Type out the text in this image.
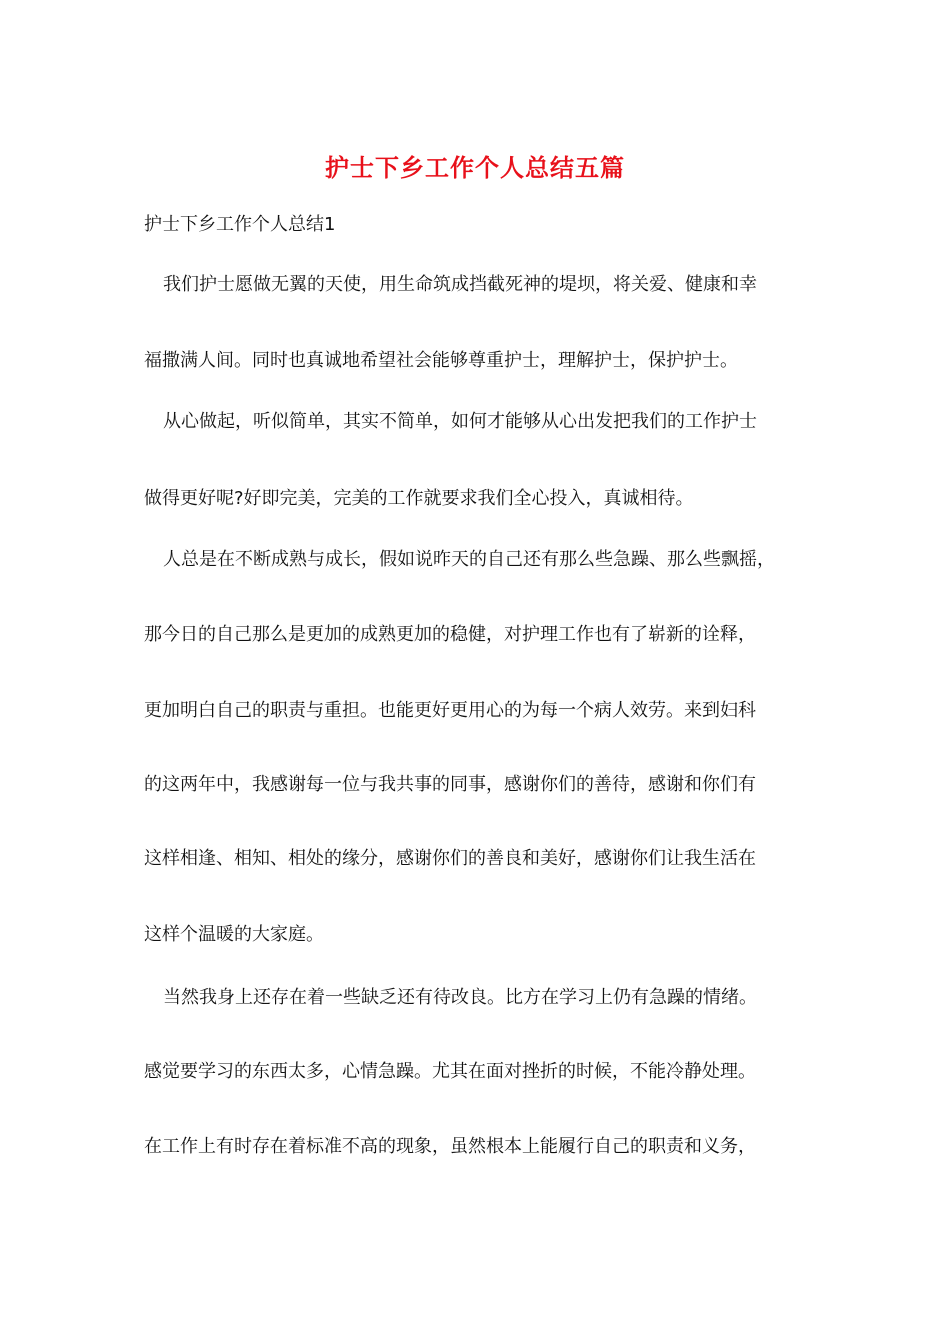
护士下乡工作个人总结五篇
护士下乡工作个人总结1
我们护士愿做无翼的天使，用生命筑成挡截死神的堤坝，将关爱、健康和幸
福撒满人间。同时也真诚地希望社会能够尊重护士，理解护士，保护护士。
从心做起，听似简单，其实不简单，如何才能够从心出发把我们的工作护士
做得更好呢?好即完美，完美的工作就要求我们全心投入，真诚相待。
人总是在不断成熟与成长，假如说昨天的自己还有那么些急躁、那么些飘摇，
那今日的自己那么是更加的成熟更加的稳健，对护理工作也有了崭新的诠释，
更加明白自己的职责与重担。也能更好更用心的为每一个病人效劳。来到妇科
的这两年中，我感谢每一位与我共事的同事，感谢你们的善待，感谢和你们有
这样相逢、相知、相处的缘分，感谢你们的善良和美好，感谢你们让我生活在
这样个温暖的大家庭。
当然我身上还存在着一些缺乏还有待改良。比方在学习上仍有急躁的情绪。
感觉要学习的东西太多，心情急躁。尤其在面对挫折的时候，不能冷静处理。
在工作上有时存在着标准不高的现象，虽然根本上能履行自己的职责和义务，
